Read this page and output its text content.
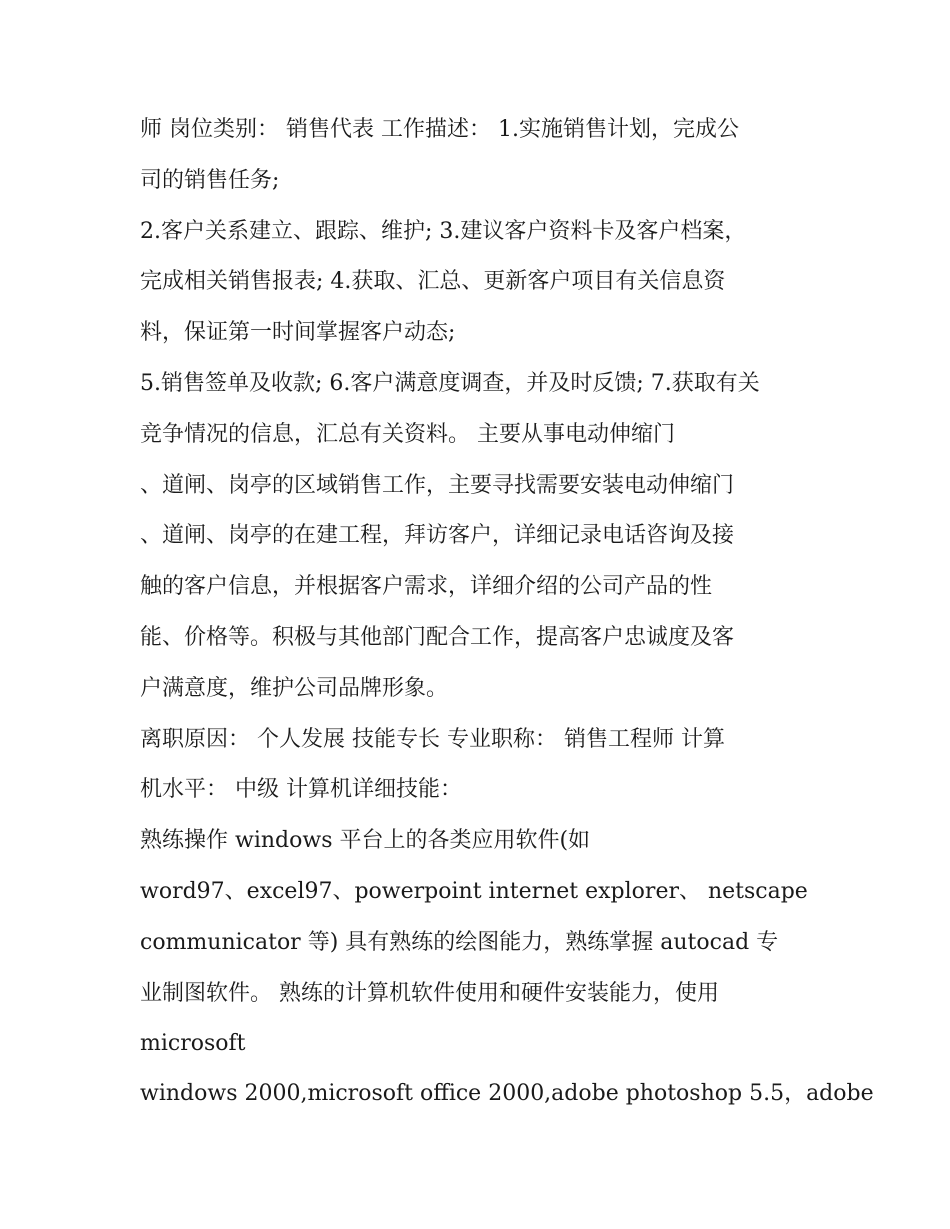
师 岗位类别： 销售代表 工作描述： 1.实施销售计划，完成公
司的销售任务;
2.客户关系建立、跟踪、维护; 3.建议客户资料卡及客户档案，
完成相关销售报表; 4.获取、汇总、更新客户项目有关信息资
料，保证第一时间掌握客户动态;
5.销售签单及收款; 6.客户满意度调查，并及时反馈; 7.获取有关
竞争情况的信息，汇总有关资料。 主要从事电动伸缩门
、道闸、岗亭的区域销售工作，主要寻找需要安装电动伸缩门
、道闸、岗亭的在建工程，拜访客户，详细记录电话咨询及接
触的客户信息，并根据客户需求，详细介绍的公司产品的性
能、价格等。积极与其他部门配合工作，提高客户忠诚度及客
户满意度，维护公司品牌形象。
离职原因： 个人发展 技能专长 专业职称： 销售工程师 计算
机水平： 中级 计算机详细技能：
熟练操作 windows 平台上的各类应用软件(如
word97、excel97、powerpoint internet explorer、 netscape
communicator 等) 具有熟练的绘图能力，熟练掌握 autocad 专
业制图软件。 熟练的计算机软件使用和硬件安装能力，使用
microsoft
windows 2000,microsoft office 2000,adobe photoshop 5.5，adobe
